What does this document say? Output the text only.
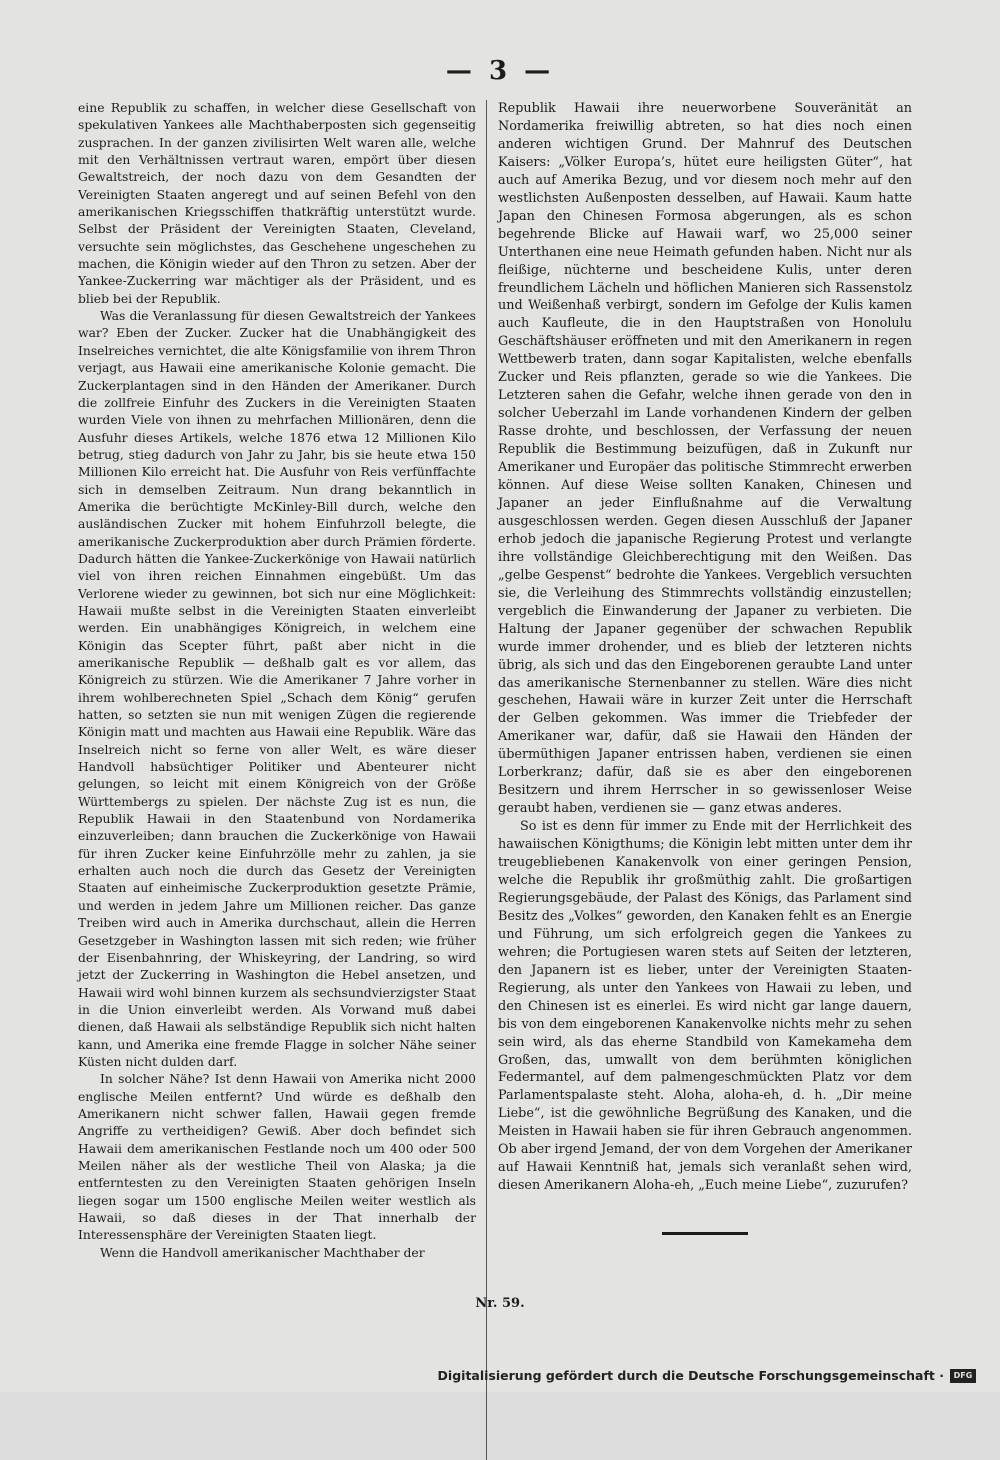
— 3 —

eine Republik zu schaffen, in welcher diese Gesellschaft von spekulativen Yankees alle Machthaberposten sich gegenseitig zusprachen. In der ganzen zivilisirten Welt waren alle, welche mit den Verhältnissen vertraut waren, empört über diesen Gewaltstreich, der noch dazu von dem Gesandten der Vereinigten Staaten angeregt und auf seinen Befehl von den amerikanischen Kriegsschiffen thatkräftig unterstützt wurde. Selbst der Präsident der Vereinigten Staaten, Cleveland, versuchte sein möglichstes, das Geschehene ungeschehen zu machen, die Königin wieder auf den Thron zu setzen. Aber der Yankee-Zuckerring war mächtiger als der Präsident, und es blieb bei der Republik.

Was die Veranlassung für diesen Gewaltstreich der Yankees war? Eben der Zucker. Zucker hat die Unabhängigkeit des Inselreiches vernichtet, die alte Königsfamilie von ihrem Thron verjagt, aus Hawaii eine amerikanische Kolonie gemacht. Die Zuckerplantagen sind in den Händen der Amerikaner. Durch die zollfreie Einfuhr des Zuckers in die Vereinigten Staaten wurden Viele von ihnen zu mehrfachen Millionären, denn die Ausfuhr dieses Artikels, welche 1876 etwa 12 Millionen Kilo betrug, stieg dadurch von Jahr zu Jahr, bis sie heute etwa 150 Millionen Kilo erreicht hat. Die Ausfuhr von Reis verfünffachte sich in demselben Zeitraum. Nun drang bekanntlich in Amerika die berüchtigte McKinley-Bill durch, welche den ausländischen Zucker mit hohem Einfuhrzoll belegte, die amerikanische Zuckerproduktion aber durch Prämien förderte. Dadurch hätten die Yankee-Zuckerkönige von Hawaii natürlich viel von ihren reichen Einnahmen eingebüßt. Um das Verlorene wieder zu gewinnen, bot sich nur eine Möglichkeit: Hawaii mußte selbst in die Vereinigten Staaten einverleibt werden. Ein unabhängiges Königreich, in welchem eine Königin das Scepter führt, paßt aber nicht in die amerikanische Republik — deßhalb galt es vor allem, das Königreich zu stürzen. Wie die Amerikaner 7 Jahre vorher in ihrem wohlberechneten Spiel „Schach dem König“ gerufen hatten, so setzten sie nun mit wenigen Zügen die regierende Königin matt und machten aus Hawaii eine Republik. Wäre das Inselreich nicht so ferne von aller Welt, es wäre dieser Handvoll habsüchtiger Politiker und Abenteurer nicht gelungen, so leicht mit einem Königreich von der Größe Württembergs zu spielen. Der nächste Zug ist es nun, die Republik Hawaii in den Staatenbund von Nordamerika einzuverleiben; dann brauchen die Zuckerkönige von Hawaii für ihren Zucker keine Einfuhrzölle mehr zu zahlen, ja sie erhalten auch noch die durch das Gesetz der Vereinigten Staaten auf einheimische Zuckerproduktion gesetzte Prämie, und werden in jedem Jahre um Millionen reicher. Das ganze Treiben wird auch in Amerika durchschaut, allein die Herren Gesetzgeber in Washington lassen mit sich reden; wie früher der Eisenbahnring, der Whiskeyring, der Landring, so wird jetzt der Zuckerring in Washington die Hebel ansetzen, und Hawaii wird wohl binnen kurzem als sechsundvierzigster Staat in die Union einverleibt werden. Als Vorwand muß dabei dienen, daß Hawaii als selbständige Republik sich nicht halten kann, und Amerika eine fremde Flagge in solcher Nähe seiner Küsten nicht dulden darf.

In solcher Nähe? Ist denn Hawaii von Amerika nicht 2000 englische Meilen entfernt? Und würde es deßhalb den Amerikanern nicht schwer fallen, Hawaii gegen fremde Angriffe zu vertheidigen? Gewiß. Aber doch befindet sich Hawaii dem amerikanischen Festlande noch um 400 oder 500 Meilen näher als der westliche Theil von Alaska; ja die entferntesten zu den Vereinigten Staaten gehörigen Inseln liegen sogar um 1500 englische Meilen weiter westlich als Hawaii, so daß dieses in der That innerhalb der Interessensphäre der Vereinigten Staaten liegt.

Wenn die Handvoll amerikanischer Machthaber der

Republik Hawaii ihre neuerworbene Souveränität an Nordamerika freiwillig abtreten, so hat dies noch einen anderen wichtigen Grund. Der Mahnruf des Deutschen Kaisers: „Völker Europa’s, hütet eure heiligsten Güter“, hat auch auf Amerika Bezug, und vor diesem noch mehr auf den westlichsten Außenposten desselben, auf Hawaii. Kaum hatte Japan den Chinesen Formosa abgerungen, als es schon begehrende Blicke auf Hawaii warf, wo 25,000 seiner Unterthanen eine neue Heimath gefunden haben. Nicht nur als fleißige, nüchterne und bescheidene Kulis, unter deren freundlichem Lächeln und höflichen Manieren sich Rassenstolz und Weißenhaß verbirgt, sondern im Gefolge der Kulis kamen auch Kaufleute, die in den Hauptstraßen von Honolulu Geschäftshäuser eröffneten und mit den Amerikanern in regen Wettbewerb traten, dann sogar Kapitalisten, welche ebenfalls Zucker und Reis pflanzten, gerade so wie die Yankees. Die Letzteren sahen die Gefahr, welche ihnen gerade von den in solcher Ueberzahl im Lande vorhandenen Kindern der gelben Rasse drohte, und beschlossen, der Verfassung der neuen Republik die Bestimmung beizufügen, daß in Zukunft nur Amerikaner und Europäer das politische Stimmrecht erwerben können. Auf diese Weise sollten Kanaken, Chinesen und Japaner an jeder Einflußnahme auf die Verwaltung ausgeschlossen werden. Gegen diesen Ausschluß der Japaner erhob jedoch die japanische Regierung Protest und verlangte ihre vollständige Gleichberechtigung mit den Weißen. Das „gelbe Gespenst“ bedrohte die Yankees. Vergeblich versuchten sie, die Verleihung des Stimmrechts vollständig einzustellen; vergeblich die Einwanderung der Japaner zu verbieten. Die Haltung der Japaner gegenüber der schwachen Republik wurde immer drohender, und es blieb der letzteren nichts übrig, als sich und das den Eingeborenen geraubte Land unter das amerikanische Sternenbanner zu stellen. Wäre dies nicht geschehen, Hawaii wäre in kurzer Zeit unter die Herrschaft der Gelben gekommen. Was immer die Triebfeder der Amerikaner war, dafür, daß sie Hawaii den Händen der übermüthigen Japaner entrissen haben, verdienen sie einen Lorberkranz; dafür, daß sie es aber den eingeborenen Besitzern und ihrem Herrscher in so gewissenloser Weise geraubt haben, verdienen sie — ganz etwas anderes.

So ist es denn für immer zu Ende mit der Herrlichkeit des hawaiischen Königthums; die Königin lebt mitten unter dem ihr treugebliebenen Kanakenvolk von einer geringen Pension, welche die Republik ihr großmüthig zahlt. Die großartigen Regierungsgebäude, der Palast des Königs, das Parlament sind Besitz des „Volkes“ geworden, den Kanaken fehlt es an Energie und Führung, um sich erfolgreich gegen die Yankees zu wehren; die Portugiesen waren stets auf Seiten der letzteren, den Japanern ist es lieber, unter der Vereinigten Staaten-Regierung, als unter den Yankees von Hawaii zu leben, und den Chinesen ist es einerlei. Es wird nicht gar lange dauern, bis von dem eingeborenen Kanakenvolke nichts mehr zu sehen sein wird, als das eherne Standbild von Kamekameha dem Großen, das, umwallt von dem berühmten königlichen Federmantel, auf dem palmengeschmückten Platz vor dem Parlamentspalaste steht. Aloha, aloha-eh, d. h. „Dir meine Liebe“, ist die gewöhnliche Begrüßung des Kanaken, und die Meisten in Hawaii haben sie für ihren Gebrauch angenommen. Ob aber irgend Jemand, der von dem Vorgehen der Amerikaner auf Hawaii Kenntniß hat, jemals sich veranlaßt sehen wird, diesen Amerikanern Aloha-eh, „Euch meine Liebe“, zuzurufen?

Nr. 59.
Digitalisierung gefördert durch die Deutsche Forschungsgemeinschaft ·	DFG
